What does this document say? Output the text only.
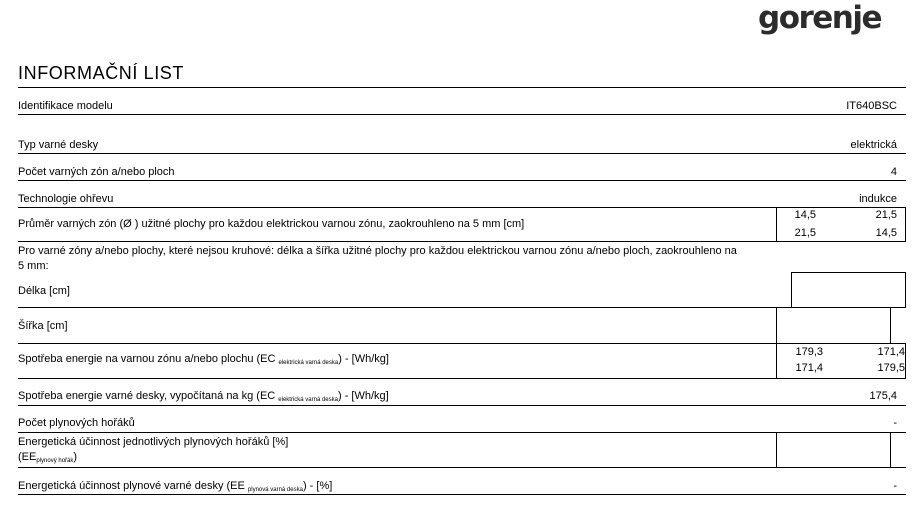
gorenje
INFORMAČNÍ LIST
Identifikace modelu	IT640BSC
Typ varné desky	elektrická
Počet varných zón a/nebo ploch	4
Technologie ohřevu	indukce
Průměr varných zón (Ø ) užitné plochy pro každou elektrickou varnou zónu, zaokrouhleno na 5 mm [cm]
14,5	21,5
21,5	14,5
Pro varné zóny a/nebo plochy, které nejsou kruhové: délka a šířka užitné plochy pro každou elektrickou varnou zónu a/nebo ploch, zaokrouhleno na
5 mm:
Délka [cm]
Šířka [cm]
Spotřeba energie na varnou zónu a/nebo plochu (EC $_{elektrická varná deska}$) - [Wh/kg]
179,3	171,4
171,4	179,5
Spotřeba energie varné desky, vypočítaná na kg (EC $_{elektrická varná deska}$) - [Wh/kg]	175,4
Počet plynových hořáků	-
Energetická účinnost jednotlivých plynových hořáků [%]
$(EE_{plynový hořák})$
Energetická účinnost plynové varné desky (EE $_{plynová varná deska}$) - [%]	-
